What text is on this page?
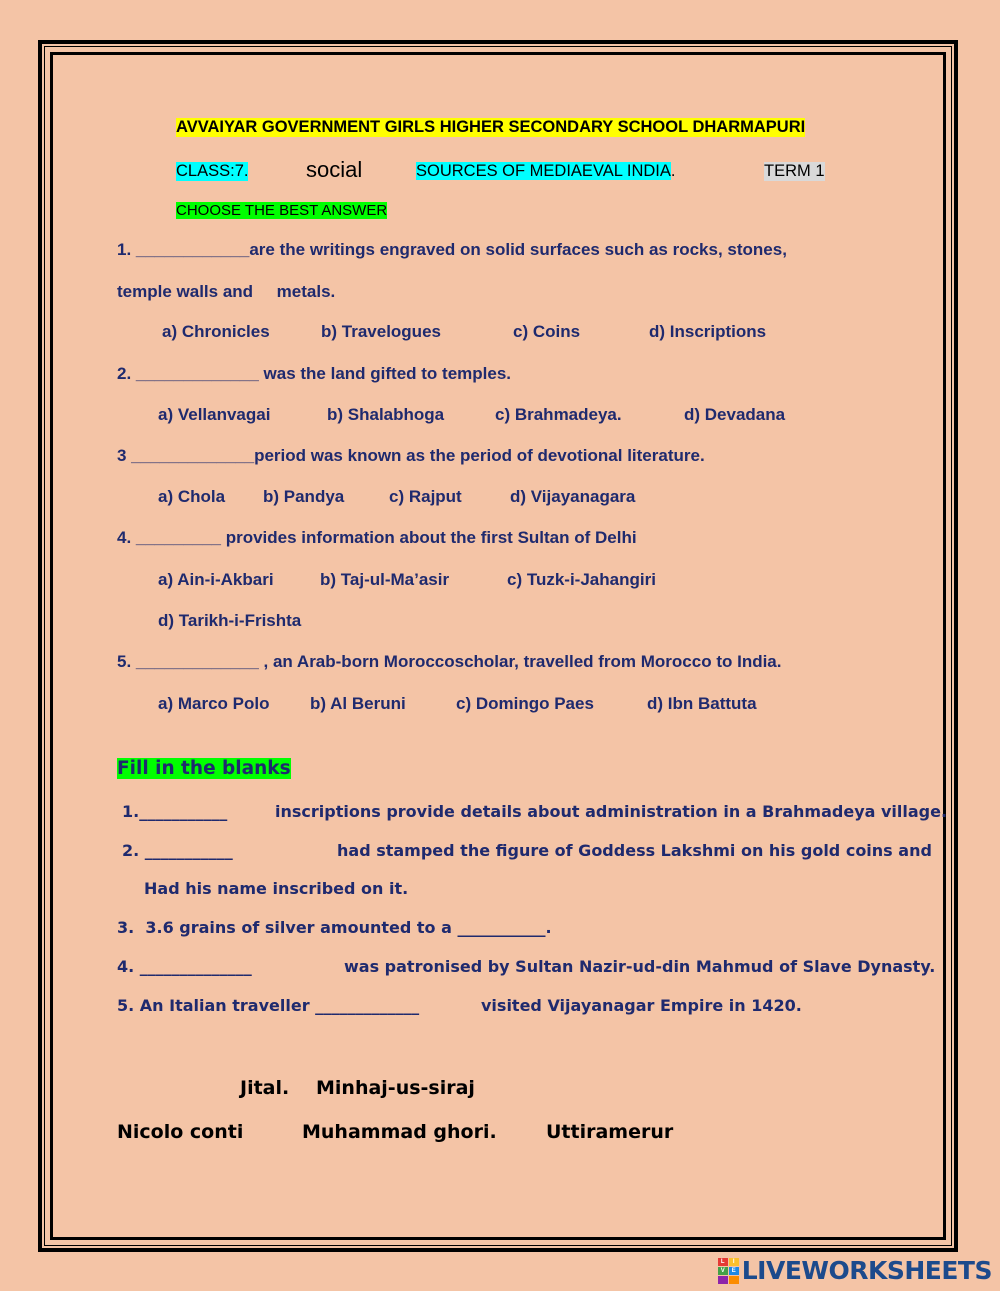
AVVAIYAR GOVERNMENT GIRLS HIGHER SECONDARY SCHOOL DHARMAPURI
CLASS:7.	social	SOURCES OF MEDIAEVAL INDIA.	TERM 1
CHOOSE THE BEST ANSWER
1. ____________are the writings engraved on solid surfaces such as rocks, stones,
temple walls and     metals.
a) Chronicles	b) Travelogues	c) Coins	d) Inscriptions
2. _____________ was the land gifted to temples.
a) Vellanvagai	b) Shalabhoga	c) Brahmadeya.	d) Devadana
3 _____________period was known as the period of devotional literature.
a) Chola b) Pandya	c) Rajput	d) Vijayanagara
4. _________ provides information about the first Sultan of Delhi
a) Ain-i-Akbari	b) Taj-ul-Ma’asir	c) Tuzk-i-Jahangiri
d) Tarikh-i-Frishta
5. _____________ , an Arab-born Moroccoscholar, travelled from Morocco to India.
a) Marco Polo b) Al Beruni	c) Domingo Paes	d) Ibn Battuta
Fill in the blanks
1.___________	inscriptions provide details about administration in a Brahmadeya village.
2. ___________	had stamped the figure of Goddess Lakshmi on his gold coins and
Had his name inscribed on it.
3.  3.6 grains of silver amounted to a ___________.
4. ______________	was patronised by Sultan Nazir-ud-din Mahmud of Slave Dynasty.
5. An Italian traveller _____________	visited Vijayanagar Empire in 1420.
Jital. Minhaj-us-siraj
Nicolo conti	Muhammad ghori.	Uttiramerur
L	I
V	E LIVEWORKSHEETS
